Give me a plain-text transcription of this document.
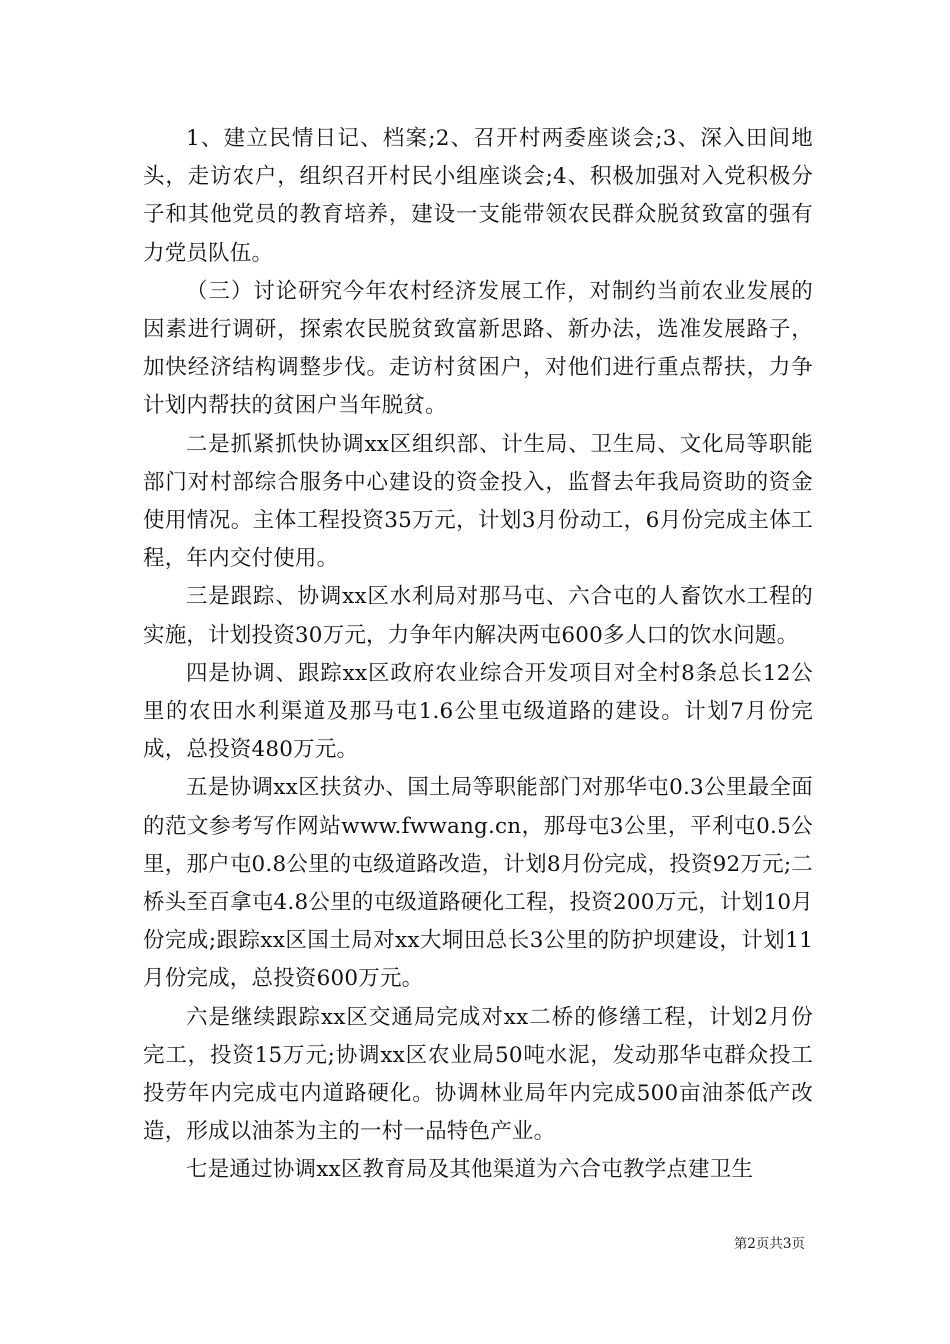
1、建立民情日记、档案;2、召开村两委座谈会;3、深入田间地头，走访农户，组织召开村民小组座谈会;4、积极加强对入党积极分子和其他党员的教育培养，建设一支能带领农民群众脱贫致富的强有力党员队伍。

（三）讨论研究今年农村经济发展工作，对制约当前农业发展的因素进行调研，探索农民脱贫致富新思路、新办法，选准发展路子，加快经济结构调整步伐。走访村贫困户，对他们进行重点帮扶，力争计划内帮扶的贫困户当年脱贫。

二是抓紧抓快协调xx区组织部、计生局、卫生局、文化局等职能部门对村部综合服务中心建设的资金投入，监督去年我局资助的资金使用情况。主体工程投资35万元，计划3月份动工，6月份完成主体工程，年内交付使用。

三是跟踪、协调xx区水利局对那马屯、六合屯的人畜饮水工程的实施，计划投资30万元，力争年内解决两屯600多人口的饮水问题。

四是协调、跟踪xx区政府农业综合开发项目对全村8条总长12公里的农田水利渠道及那马屯1.6公里屯级道路的建设。计划7月份完成，总投资480万元。

五是协调xx区扶贫办、国土局等职能部门对那华屯0.3公里最全面的范文参考写作网站www.fwwang.cn，那母屯3公里，平利屯0.5公里，那户屯0.8公里的屯级道路改造，计划8月份完成，投资92万元;二桥头至百拿屯4.8公里的屯级道路硬化工程，投资200万元，计划10月份完成;跟踪xx区国土局对xx大垌田总长3公里的防护坝建设，计划11月份完成，总投资600万元。

六是继续跟踪xx区交通局完成对xx二桥的修缮工程，计划2月份完工，投资15万元;协调xx区农业局50吨水泥，发动那华屯群众投工投劳年内完成屯内道路硬化。协调林业局年内完成500亩油茶低产改造，形成以油茶为主的一村一品特色产业。

七是通过协调xx区教育局及其他渠道为六合屯教学点建卫生

第2页共3页
